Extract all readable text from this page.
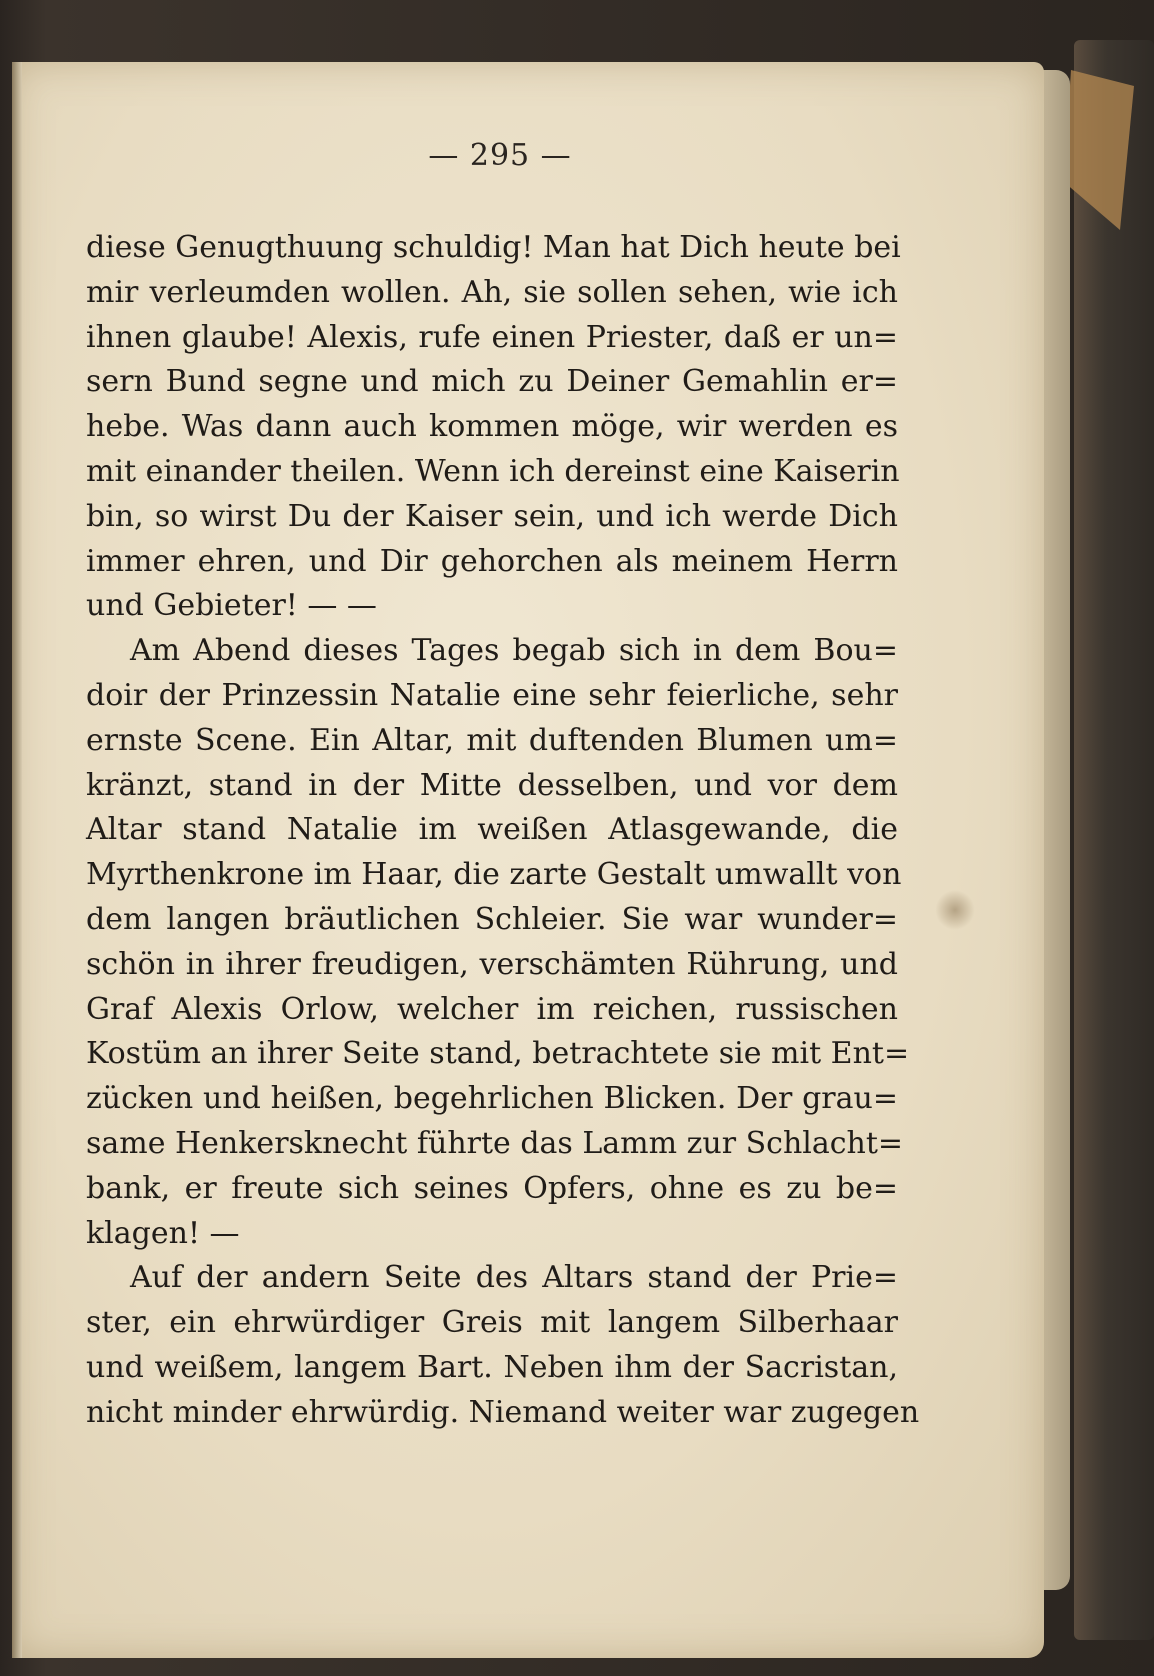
— 295 —
diese Genugthuung schuldig! Man hat Dich heute bei
mir verleumden wollen. Ah, sie sollen sehen, wie ich
ihnen glaube! Alexis, rufe einen Priester, daß er un=
sern Bund segne und mich zu Deiner Gemahlin er=
hebe. Was dann auch kommen möge, wir werden es
mit einander theilen. Wenn ich dereinst eine Kaiserin
bin, so wirst Du der Kaiser sein, und ich werde Dich
immer ehren, und Dir gehorchen als meinem Herrn
und Gebieter! — —
Am Abend dieses Tages begab sich in dem Bou=
doir der Prinzessin Natalie eine sehr feierliche, sehr
ernste Scene. Ein Altar, mit duftenden Blumen um=
kränzt, stand in der Mitte desselben, und vor dem
Altar stand Natalie im weißen Atlasgewande, die
Myrthenkrone im Haar, die zarte Gestalt umwallt von
dem langen bräutlichen Schleier. Sie war wunder=
schön in ihrer freudigen, verschämten Rührung, und
Graf Alexis Orlow, welcher im reichen, russischen
Kostüm an ihrer Seite stand, betrachtete sie mit Ent=
zücken und heißen, begehrlichen Blicken. Der grau=
same Henkersknecht führte das Lamm zur Schlacht=
bank, er freute sich seines Opfers, ohne es zu be=
klagen! —
Auf der andern Seite des Altars stand der Prie=
ster, ein ehrwürdiger Greis mit langem Silberhaar
und weißem, langem Bart. Neben ihm der Sacristan,
nicht minder ehrwürdig. Niemand weiter war zugegen
